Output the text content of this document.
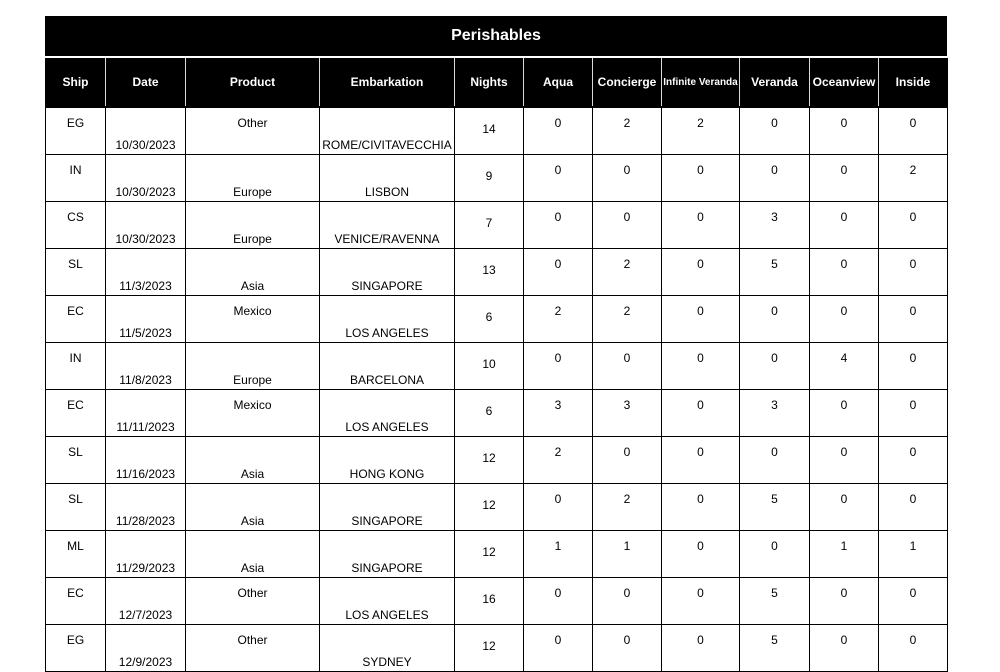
Perishables
Ship	Date	Product	Embarkation	Nights	Aqua	Concierge	Infinite Veranda	Veranda	Oceanview	Inside
EG	10/30/2023	Other	ROME/CIVITAVECCHIA	14	0	2	2	0	0	0
IN	10/30/2023	Europe	LISBON	9	0	0	0	0	0	2
CS	10/30/2023	Europe	VENICE/RAVENNA	7	0	0	0	3	0	0
SL	11/3/2023	Asia	SINGAPORE	13	0	2	0	5	0	0
EC	11/5/2023	Mexico	LOS ANGELES	6	2	2	0	0	0	0
IN	11/8/2023	Europe	BARCELONA	10	0	0	0	0	4	0
EC	11/11/2023	Mexico	LOS ANGELES	6	3	3	0	3	0	0
SL	11/16/2023	Asia	HONG KONG	12	2	0	0	0	0	0
SL	11/28/2023	Asia	SINGAPORE	12	0	2	0	5	0	0
ML	11/29/2023	Asia	SINGAPORE	12	1	1	0	0	1	1
EC	12/7/2023	Other	LOS ANGELES	16	0	0	0	5	0	0
EG	12/9/2023	Other	SYDNEY	12	0	0	0	5	0	0
